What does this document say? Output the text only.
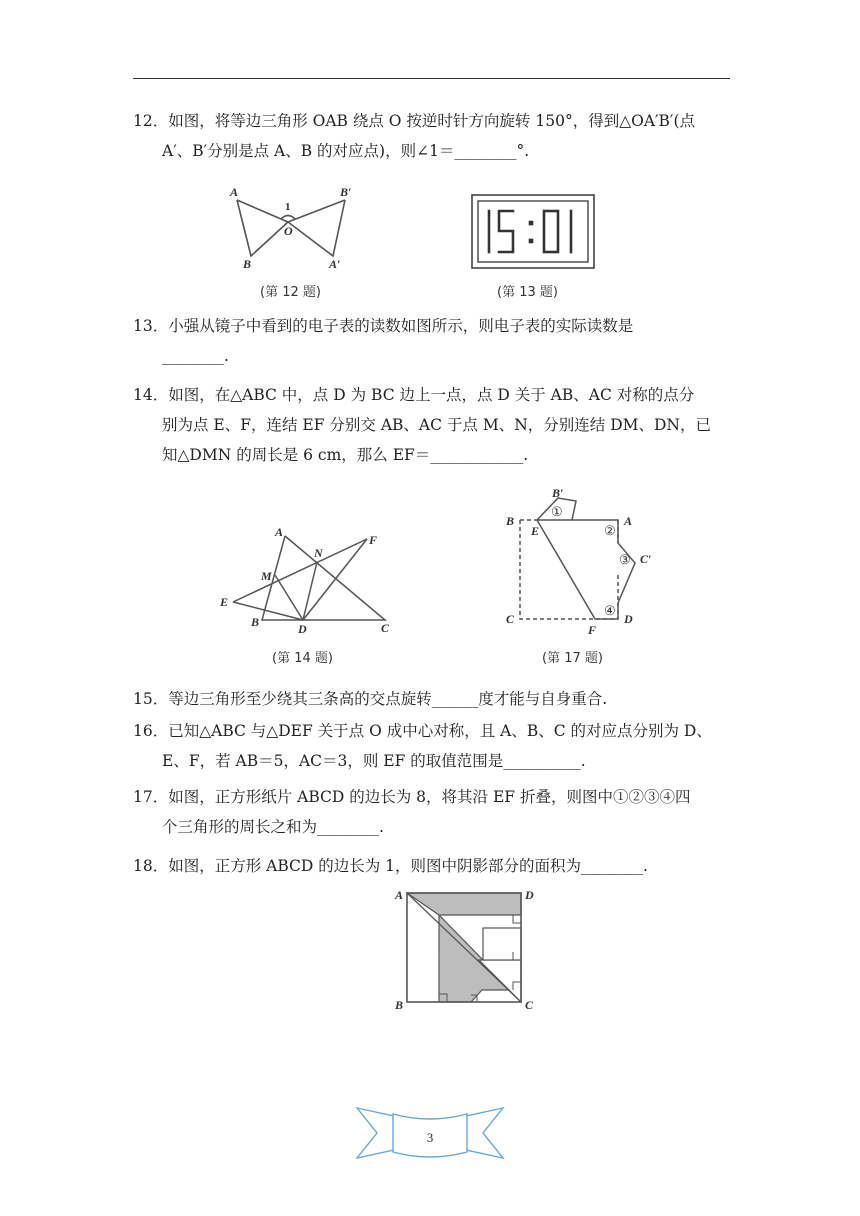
12．如图，将等边三角形 OAB 绕点 O 按逆时针方向旋转 150°，得到△OA′B′(点
A′、B′分别是点 A、B 的对应点)，则∠1＝________°.
A
B
O
1
A′
B′
(第 12 题)	(第 13 题)
13．小强从镜子中看到的电子表的读数如图所示，则电子表的实际读数是
________.
14．如图，在△ABC 中，点 D 为 BC 边上一点，点 D 关于 AB、AC 对称的点分
别为点 E、F，连结 EF 分别交 AB、AC 于点 M、N，分别连结 DM、DN，已
知△DMN 的周长是 6 cm，那么 EF＝____________.
A
B	C
D
E
F
M
N
(第 14 题)
B′
B
E
A
C′
C
F
D
①
②
③
④
(第 17 题)
15．等边三角形至少绕其三条高的交点旋转______度才能与自身重合.
16．已知△ABC 与△DEF 关于点 O 成中心对称，且 A、B、C 的对应点分别为 D、
E、F，若 AB＝5，AC＝3，则 EF 的取值范围是__________.
17．如图，正方形纸片 ABCD 的边长为 8，将其沿 EF 折叠，则图中①②③④四
个三角形的周长之和为________.
18．如图，正方形 ABCD 的边长为 1，则图中阴影部分的面积为________.
A	D
B	C
3
